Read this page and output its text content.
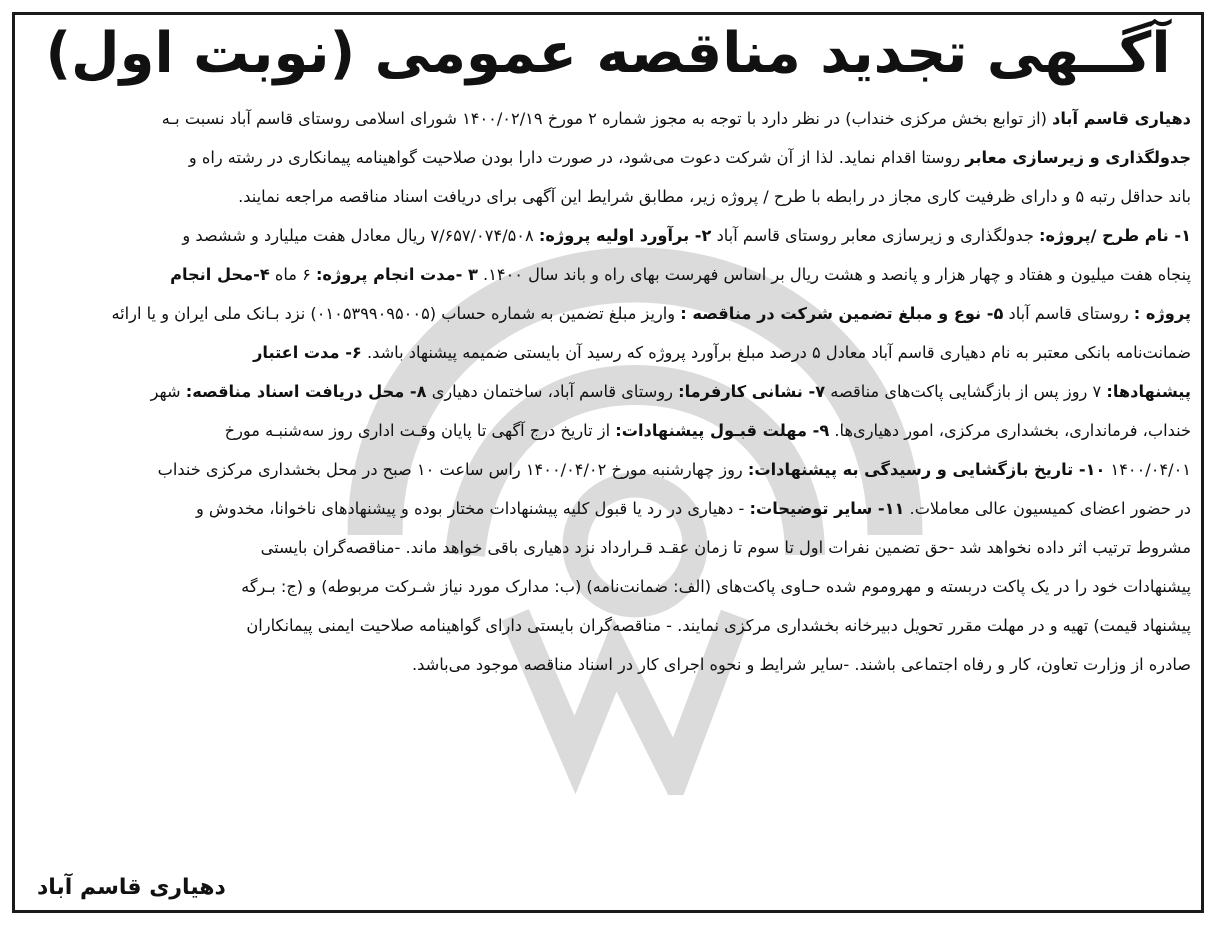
آگــهی تجدید مناقصه عمومی (نوبت اول)
دهیاری قاسم آباد (از توابع بخش مرکزی خنداب) در نظر دارد با توجه به مجوز شماره ۲ مورخ ۱۴۰۰/۰۲/۱۹ شورای اسلامی روستای قاسم آباد نسبت بـه
جدولگذاری و زیرسازی معابر روستا اقدام نماید. لذا از آن شرکت دعوت می‌شود، در صورت دارا بودن صلاحیت گواهینامه پیمانکاری در رشته راه و
باند حداقل رتبه ۵ و دارای ظرفیت کاری مجاز در رابطه با طرح / پروژه زیر، مطابق شرایط این آگهی برای دریافت اسناد مناقصه مراجعه نمایند.
۱- نام طرح /پروژه: جدولگذاری و زیرسازی معابر روستای قاسم آباد ۲- برآورد اولیه پروژه: ۷/۶۵۷/۰۷۴/۵۰۸ ریال معادل هفت میلیارد و ششصد و
پنجاه هفت میلیون و هفتاد و چهار هزار و پانصد و هشت ریال بر اساس فهرست بهای راه و باند سال ۱۴۰۰. ۳ -مدت انجام پروژه: ۶ ماه ۴-محل انجام
پروژه : روستای قاسم آباد ۵- نوع و مبلغ تضمین شرکت در مناقصه : واریز مبلغ تضمین به شماره حساب (۰۱۰۵۳۹۹۰۹۵۰۰۵) نزد بـانک ملی ایران و یا ارائه
ضمانت‌نامه بانکی معتبر به نام دهیاری قاسم آباد معادل ۵ درصد مبلغ برآورد پروژه که رسید آن بایستی ضمیمه پیشنهاد باشد. ۶- مدت اعتبار
پیشنهادها: ۷ روز پس از بازگشایی پاکت‌های مناقصه ۷- نشانی کارفرما: روستای قاسم آباد، ساختمان دهیاری ۸- محل دریافت اسناد مناقصه: شهر
خنداب، فرمانداری، بخشداری مرکزی، امور دهیاری‌ها. ۹- مهلت قبـول پیشنهادات: از تاریخ درج آگهی تا پایان وقـت اداری روز سه‌شنبـه مورخ
۱۴۰۰/۰۴/۰۱ ۱۰- تاریخ بازگشایی و رسیدگی به پیشنهادات: روز چهارشنبه مورخ ۱۴۰۰/۰۴/۰۲ راس ساعت ۱۰ صبح در محل بخشداری مرکزی خنداب
در حضور اعضای کمیسیون عالی معاملات. ۱۱- سایر توضیحات: - دهیاری در رد یا قبول کلیه پیشنهادات مختار بوده و پیشنهادهای ناخوانا، مخدوش و
مشروط ترتیب اثر داده نخواهد شد -حق تضمین نفرات اول تا سوم تا زمان عقـد قـرارداد نزد دهیاری باقی خواهد ماند. -مناقصه‌گران بایستی
پیشنهادات خود را در یک پاکت دربسته و مهروموم شده حـاوی پاکت‌های (الف: ضمانت‌نامه) (ب: مدارک مورد نیاز شـرکت مربوطه) و (ج: بـرگه
پیشنهاد قیمت) تهیه و در مهلت مقرر تحویل دبیرخانه بخشداری مرکزی نمایند. - مناقصه‌گران بایستی دارای گواهینامه صلاحیت ایمنی پیمانکاران
صادره از وزارت تعاون، کار و رفاه اجتماعی باشند. -سایر شرایط و نحوه اجرای کار در اسناد مناقصه موجود می‌باشد.
دهیاری قاسم آباد
